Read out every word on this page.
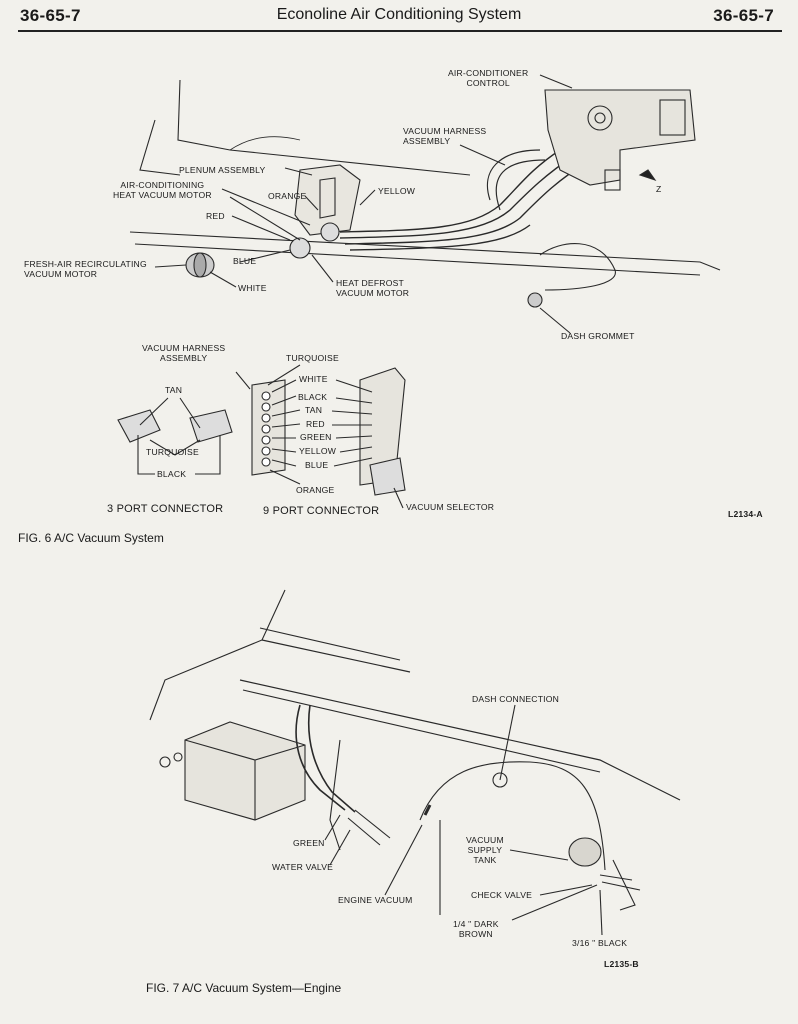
36-65-7	Econoline Air Conditioning System	36-65-7
AIR-CONDITIONER
CONTROL
VACUUM HARNESS
ASSEMBLY
PLENUM ASSEMBLY
AIR-CONDITIONING
HEAT VACUUM MOTOR	ORANGE	YELLOW
RED
FRESH-AIR RECIRCULATING
VACUUM MOTOR
BLUE
WHITE	HEAT DEFROST
VACUUM MOTOR
Z
DASH GROMMET
VACUUM HARNESS
ASSEMBLY	TURQUOISE
TAN
TURQUOISE
BLACK
WHITE
BLACK
TAN
RED
GREEN
YELLOW
BLUE
ORANGE
3 PORT CONNECTOR	9 PORT CONNECTOR	VACUUM SELECTOR
L2134-A
FIG. 6 A/C Vacuum System
DASH CONNECTION
GREEN
WATER VALVE
ENGINE VACUUM
VACUUM
SUPPLY
TANK
CHECK VALVE
1/4 " DARK
BROWN
3/16 " BLACK
L2135-B
FIG. 7 A/C Vacuum System—Engine
